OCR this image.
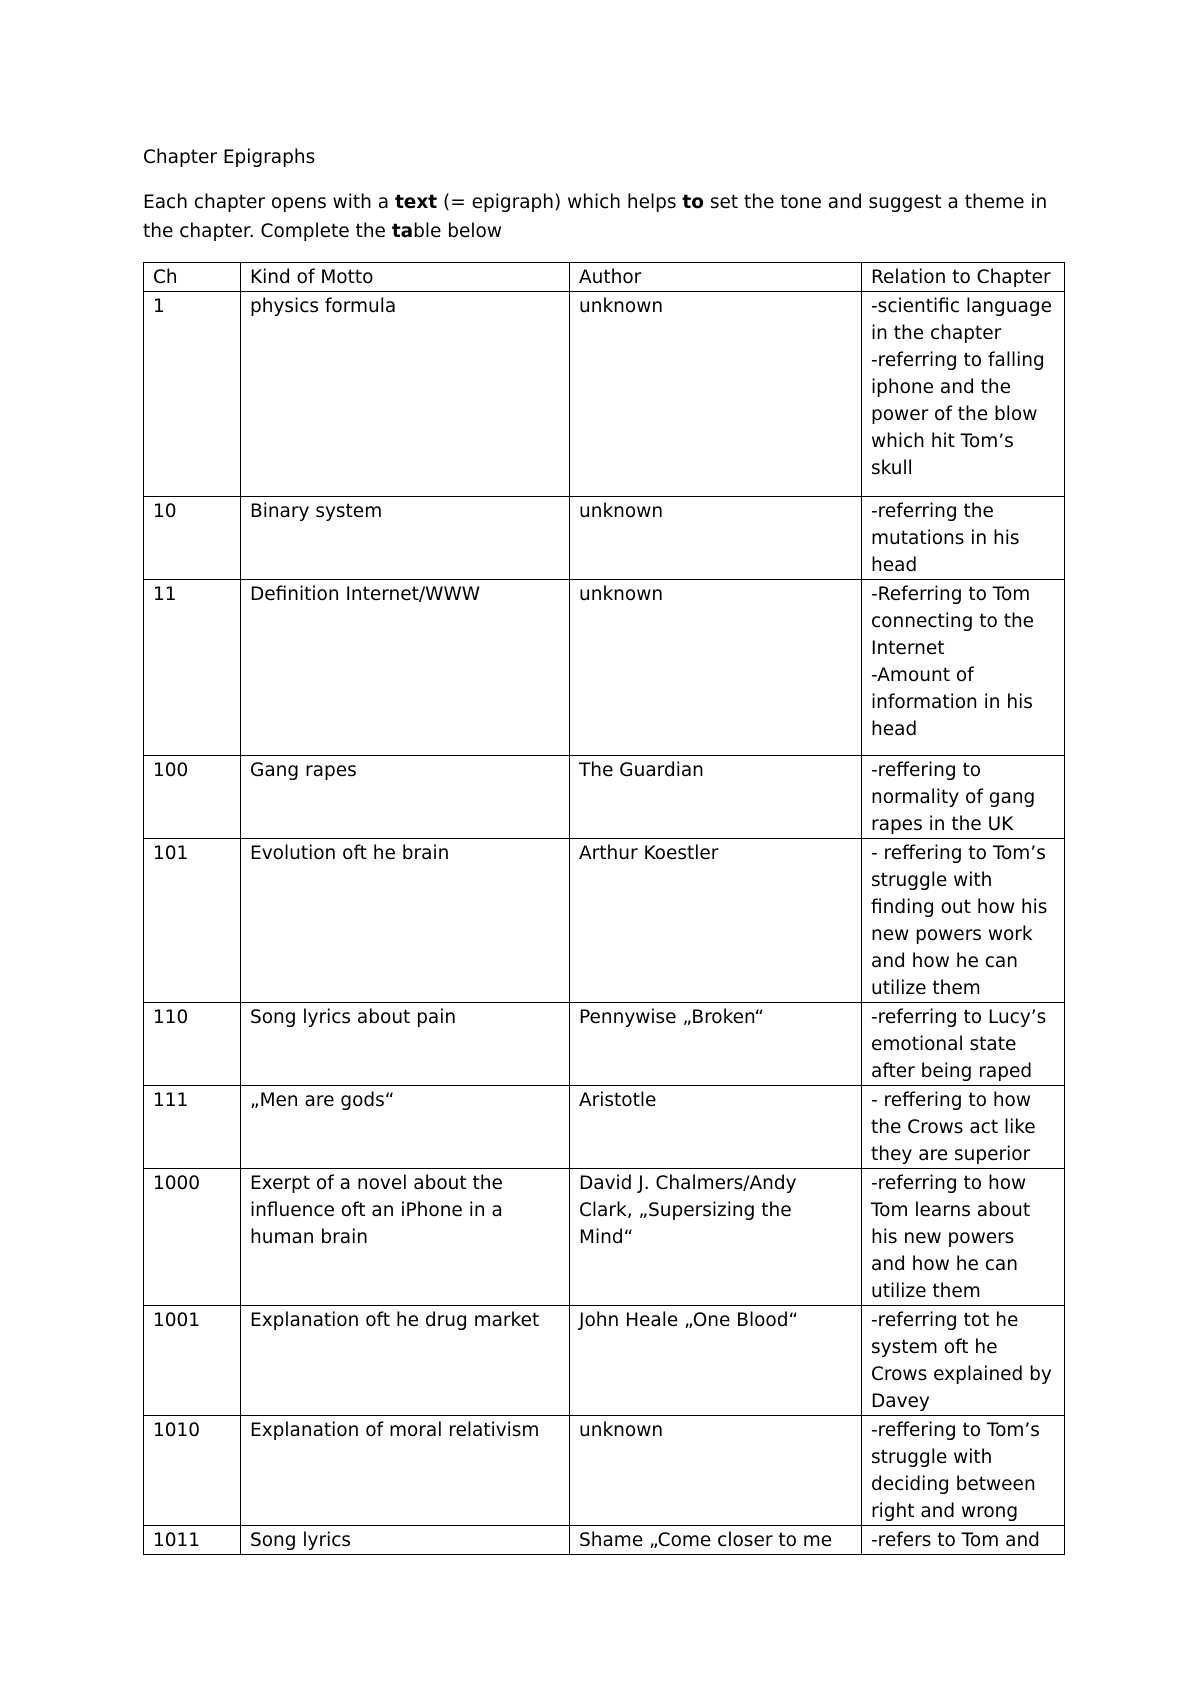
Chapter Epigraphs
Each chapter opens with a text (= epigraph) which helps to set the tone and suggest a theme in the chapter. Complete the table below
Ch	Kind of Motto	Author	Relation to Chapter
1	physics formula	unknown	-scientific language in the chapter
-referring to falling iphone and the power of the blow which hit Tom’s skull

10	Binary system	unknown	-referring the mutations in his head

11	Definition Internet/WWW	unknown	-Referring to Tom connecting to the Internet
-Amount of information in his head

100	Gang rapes	The Guardian	-reffering to normality of gang rapes in the UK

101	Evolution oft he brain	Arthur Koestler	- reffering to Tom’s struggle with finding out how his new powers work and how he can utilize them

110	Song lyrics about pain	Pennywise „Broken“	-referring to Lucy’s emotional state after being raped

111	„Men are gods“	Aristotle	- reffering to how the Crows act like they are superior

1000	Exerpt of a novel about the influence oft an iPhone in a human brain	David J. Chalmers/Andy Clark, „Supersizing the Mind“	-referring to how Tom learns about his new powers and how he can utilize them

1001	Explanation oft he drug market	John Heale „One Blood“	-referring tot he system oft he Crows explained by Davey

1010	Explanation of moral relativism	unknown	-reffering to Tom’s struggle with deciding between right and wrong

1011	Song lyrics	Shame „Come closer to me	-refers to Tom and
